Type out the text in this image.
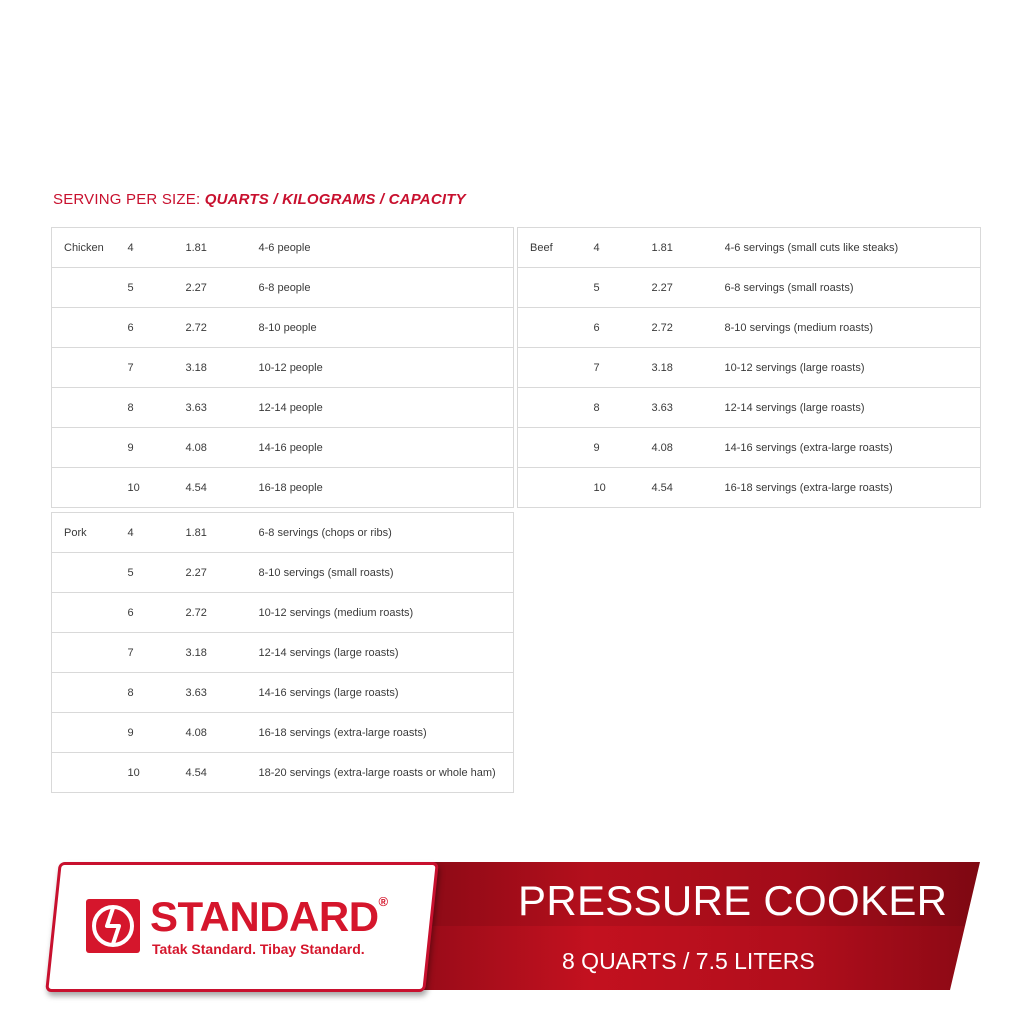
SERVING PER SIZE: QUARTS / KILOGRAMS / CAPACITY
Chicken	4	1.81	4-6 people
	5	2.27	6-8 people
	6	2.72	8-10 people
	7	3.18	10-12 people
	8	3.63	12-14 people
	9	4.08	14-16 people
	10	4.54	16-18 people
Beef	4	1.81	4-6 servings (small cuts like steaks)
	5	2.27	6-8 servings (small roasts)
	6	2.72	8-10 servings (medium roasts)
	7	3.18	10-12 servings (large roasts)
	8	3.63	12-14 servings (large roasts)
	9	4.08	14-16 servings (extra-large roasts)
	10	4.54	16-18 servings (extra-large roasts)
Pork	4	1.81	6-8 servings (chops or ribs)
	5	2.27	8-10 servings (small roasts)
	6	2.72	10-12 servings (medium roasts)
	7	3.18	12-14 servings (large roasts)
	8	3.63	14-16 servings (large roasts)
	9	4.08	16-18 servings (extra-large roasts)
	10	4.54	18-20 servings (extra-large roasts or whole ham)
STANDARD®
Tatak Standard. Tibay Standard.
PRESSURE COOKER
8 QUARTS / 7.5 LITERS
